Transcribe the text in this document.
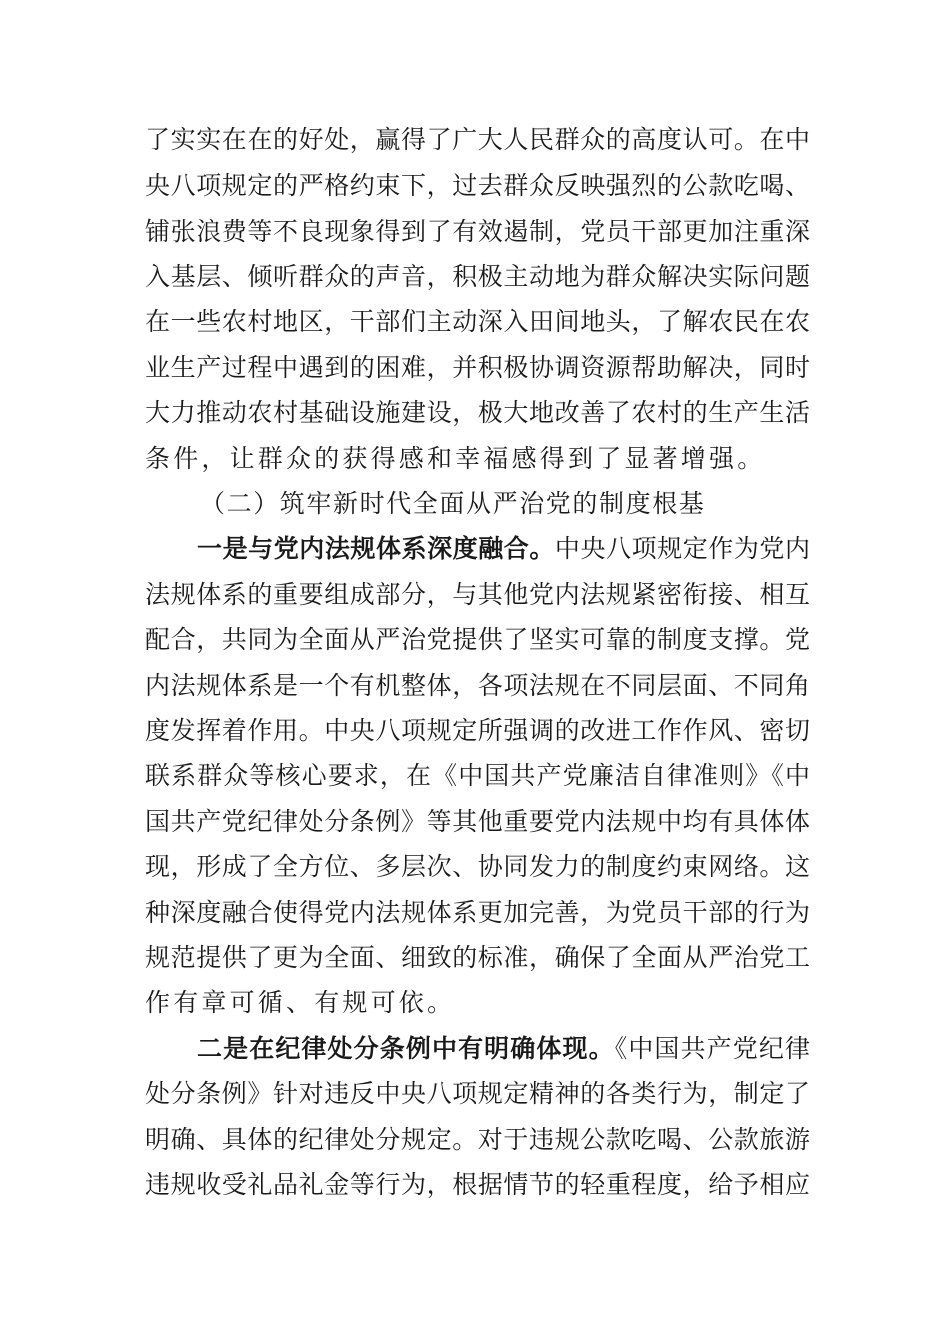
了实实在在的好处，赢得了广大人民群众的高度认可。在中
央八项规定的严格约束下，过去群众反映强烈的公款吃喝、
铺张浪费等不良现象得到了有效遏制，党员干部更加注重深
入基层、倾听群众的声音，积极主动地为群众解决实际问题
在一些农村地区，干部们主动深入田间地头，了解农民在农
业生产过程中遇到的困难，并积极协调资源帮助解决，同时
大力推动农村基础设施建设，极大地改善了农村的生产生活
条件，让群众的获得感和幸福感得到了显著增强。
（二）筑牢新时代全面从严治党的制度根基
一是与党内法规体系深度融合。中央八项规定作为党内
法规体系的重要组成部分，与其他党内法规紧密衔接、相互
配合，共同为全面从严治党提供了坚实可靠的制度支撑。党
内法规体系是一个有机整体，各项法规在不同层面、不同角
度发挥着作用。中央八项规定所强调的改进工作作风、密切
联系群众等核心要求，在《中国共产党廉洁自律准则》《中
国共产党纪律处分条例》等其他重要党内法规中均有具体体
现，形成了全方位、多层次、协同发力的制度约束网络。这
种深度融合使得党内法规体系更加完善，为党员干部的行为
规范提供了更为全面、细致的标准，确保了全面从严治党工
作有章可循、有规可依。
二是在纪律处分条例中有明确体现。《中国共产党纪律
处分条例》针对违反中央八项规定精神的各类行为，制定了
明确、具体的纪律处分规定。对于违规公款吃喝、公款旅游
违规收受礼品礼金等行为，根据情节的轻重程度，给予相应
